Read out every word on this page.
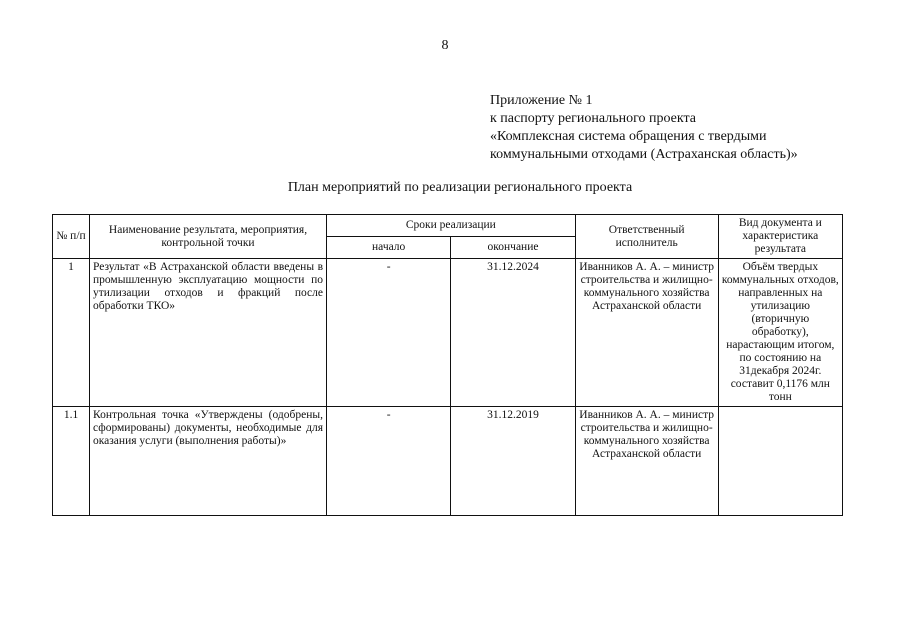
8
Приложение № 1
к паспорту регионального проекта
«Комплексная система обращения с твердыми
коммунальными отходами (Астраханская область)»
План мероприятий по реализации регионального проекта
№ п/п	Наименование результата, мероприятия, контрольной точки	Сроки реализации		Ответственный исполнитель	Вид документа и характеристика результата
		начало	окончание		
1	Результат «В Астраханской области введены в промышленную эксплуатацию мощности по утилизации отходов и фракций после обработки ТКО»	-	31.12.2024	Иванников А. А. – министр строительства и жилищно-коммунального хозяйства Астраханской области	Объём твердых коммунальных отходов, направленных на утилизацию (вторичную обработку), нарастающим итогом, по состоянию на 31декабря 2024г. составит 0,1176 млн тонн
1.1	Контрольная точка «Утверждены (одобрены, сформированы) документы, необходимые для оказания услуги (выполнения работы)»	-	31.12.2019	Иванников А. А. – министр строительства и жилищно-коммунального хозяйства Астраханской области	
